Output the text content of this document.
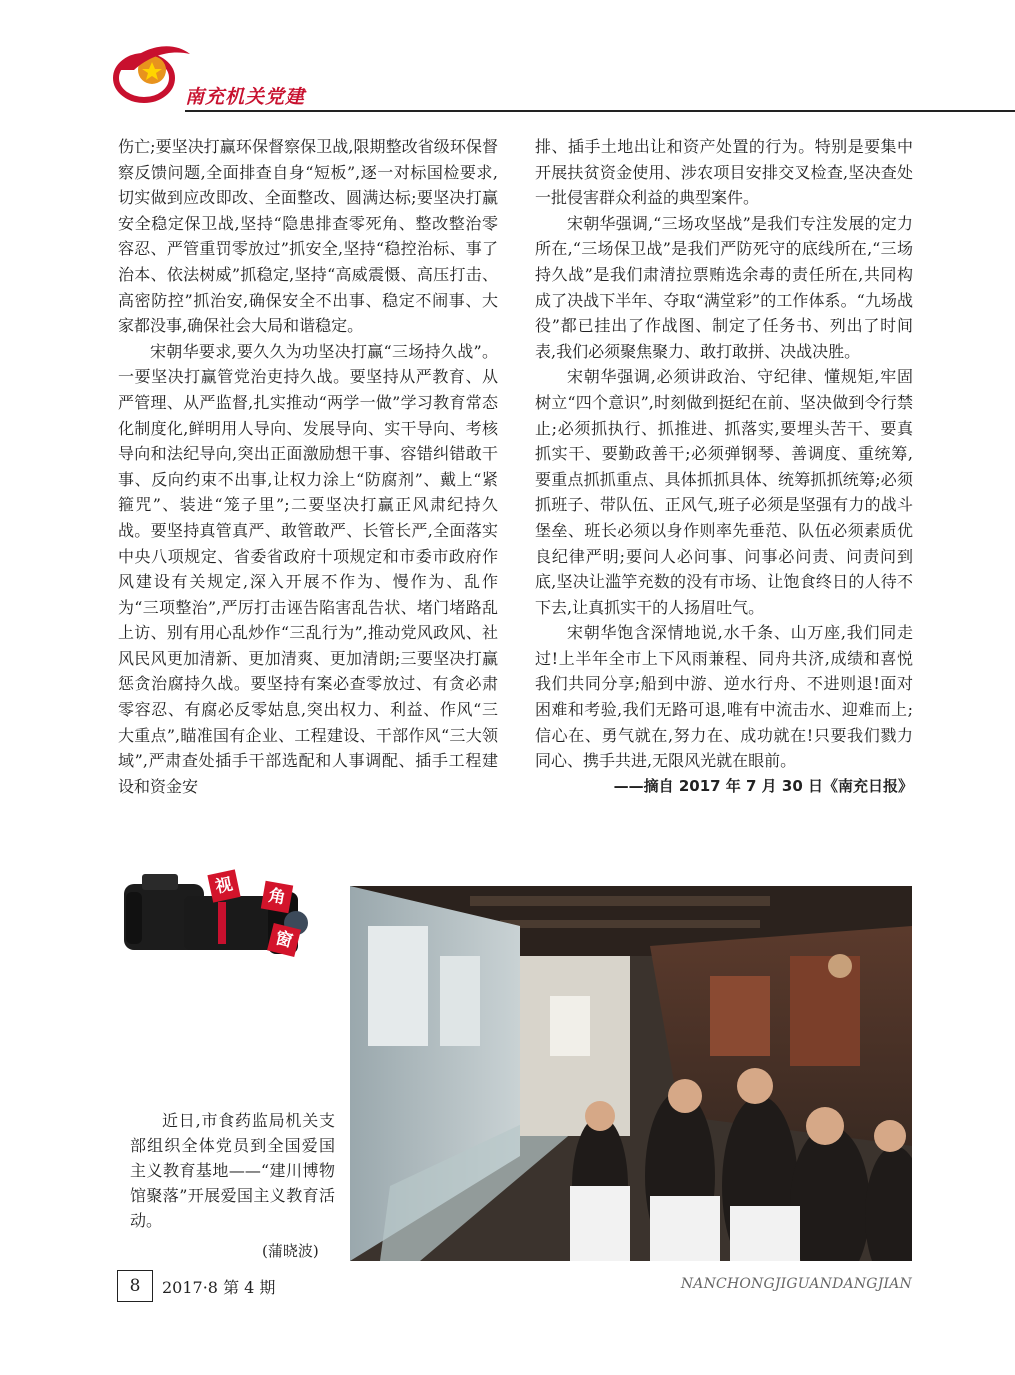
南充机关党建

伤亡;要坚决打赢环保督察保卫战,限期整改省级环保督察反馈问题,全面排查自身“短板”,逐一对标国检要求,切实做到应改即改、全面整改、圆满达标;要坚决打赢安全稳定保卫战,坚持“隐患排查零死角、整改整治零容忍、严管重罚零放过”抓安全,坚持“稳控治标、事了治本、依法树威”抓稳定,坚持“高威震慑、高压打击、高密防控”抓治安,确保安全不出事、稳定不闹事、大家都没事,确保社会大局和谐稳定。

宋朝华要求,要久久为功坚决打赢“三场持久战”。一要坚决打赢管党治吏持久战。要坚持从严教育、从严管理、从严监督,扎实推动“两学一做”学习教育常态化制度化,鲜明用人导向、发展导向、实干导向、考核导向和法纪导向,突出正面激励想干事、容错纠错敢干事、反向约束不出事,让权力涂上“防腐剂”、戴上“紧箍咒”、装进“笼子里”;二要坚决打赢正风肃纪持久战。要坚持真管真严、敢管敢严、长管长严,全面落实中央八项规定、省委省政府十项规定和市委市政府作风建设有关规定,深入开展不作为、慢作为、乱作为“三项整治”,严厉打击诬告陷害乱告状、堵门堵路乱上访、别有用心乱炒作“三乱行为”,推动党风政风、社风民风更加清新、更加清爽、更加清朗;三要坚决打赢惩贪治腐持久战。要坚持有案必查零放过、有贪必肃零容忍、有腐必反零姑息,突出权力、利益、作风“三大重点”,瞄准国有企业、工程建设、干部作风“三大领域”,严肃查处插手干部选配和人事调配、插手工程建设和资金安

排、插手土地出让和资产处置的行为。特别是要集中开展扶贫资金使用、涉农项目安排交叉检查,坚决查处一批侵害群众利益的典型案件。

宋朝华强调,“三场攻坚战”是我们专注发展的定力所在,“三场保卫战”是我们严防死守的底线所在,“三场持久战”是我们肃清拉票贿选余毒的责任所在,共同构成了决战下半年、夺取“满堂彩”的工作体系。“九场战役”都已挂出了作战图、制定了任务书、列出了时间表,我们必须聚焦聚力、敢打敢拼、决战决胜。

宋朝华强调,必须讲政治、守纪律、懂规矩,牢固树立“四个意识”,时刻做到挺纪在前、坚决做到令行禁止;必须抓执行、抓推进、抓落实,要埋头苦干、要真抓实干、要勤政善干;必须弹钢琴、善调度、重统筹,要重点抓抓重点、具体抓抓具体、统筹抓抓统筹;必须抓班子、带队伍、正风气,班子必须是坚强有力的战斗堡垒、班长必须以身作则率先垂范、队伍必须素质优良纪律严明;要问人必问事、问事必问责、问责问到底,坚决让滥竽充数的没有市场、让饱食终日的人待不下去,让真抓实干的人扬眉吐气。

宋朝华饱含深情地说,水千条、山万座,我们同走过!上半年全市上下风雨兼程、同舟共济,成绩和喜悦我们共同分享;船到中游、逆水行舟、不进则退!面对困难和考验,我们无路可退,唯有中流击水、迎难而上;信心在、勇气就在,努力在、成功就在!只要我们戮力同心、携手共进,无限风光就在眼前。

——摘自 2017 年 7 月 30 日《南充日报》

视	角
窗
近日,市食药监局机关支部组织全体党员到全国爱国主义教育基地——“建川博物馆聚落”开展爱国主义教育活动。
(蒲晓波)
8	2017·8 第 4 期	NANCHONGJIGUANDANGJIAN
